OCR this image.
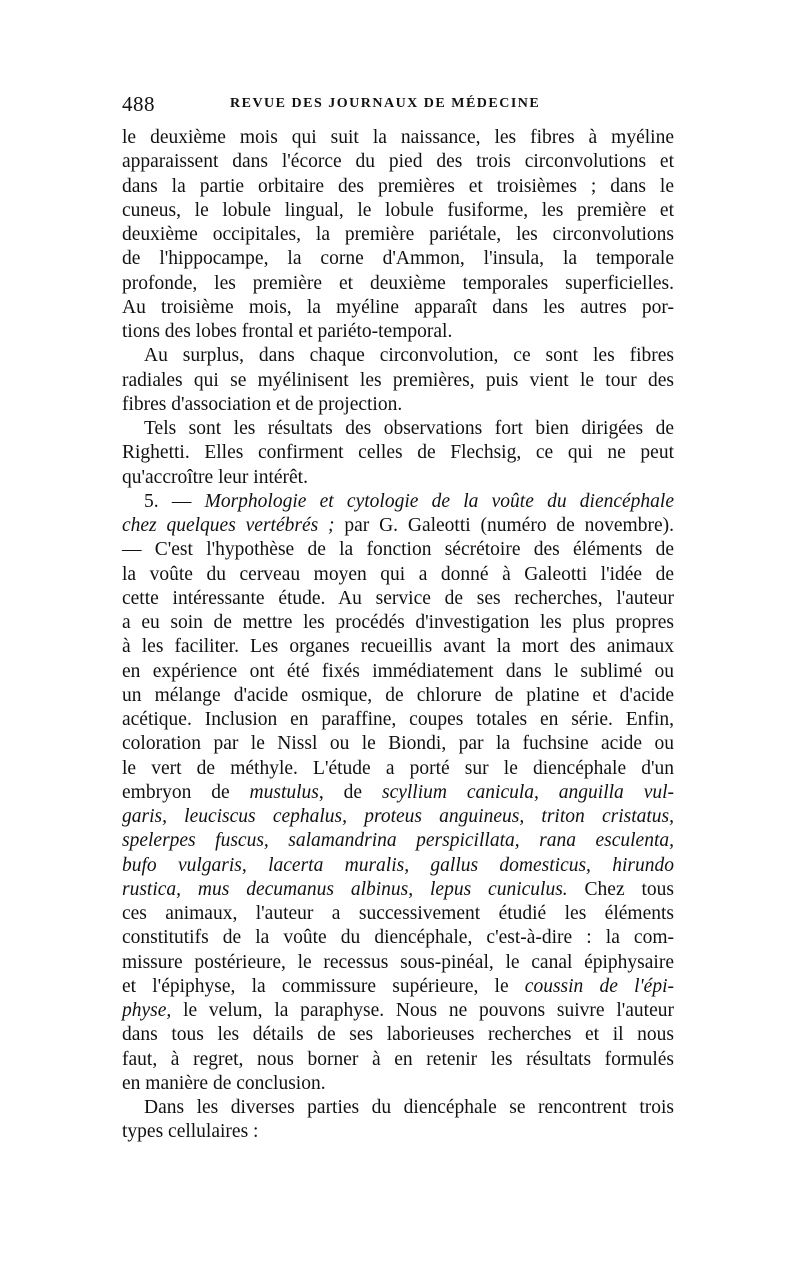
488	REVUE DES JOURNAUX DE MÉDECINE
le deuxième mois qui suit la naissance, les fibres à myéline
apparaissent dans l'écorce du pied des trois circonvolutions et
dans la partie orbitaire des premières et troisièmes ; dans le
cuneus, le lobule lingual, le lobule fusiforme, les première et
deuxième occipitales, la première pariétale, les circonvolutions
de l'hippocampe, la corne d'Ammon, l'insula, la temporale
profonde, les première et deuxième temporales superficielles.
Au troisième mois, la myéline apparaît dans les autres por-
tions des lobes frontal et pariéto-temporal.
Au surplus, dans chaque circonvolution, ce sont les fibres
radiales qui se myélinisent les premières, puis vient le tour des
fibres d'association et de projection.
Tels sont les résultats des observations fort bien dirigées de
Righetti. Elles confirment celles de Flechsig, ce qui ne peut
qu'accroître leur intérêt.
5. — Morphologie et cytologie de la voûte du diencéphale
chez quelques vertébrés ; par G. Galeotti (numéro de novembre).
— C'est l'hypothèse de la fonction sécrétoire des éléments de
la voûte du cerveau moyen qui a donné à Galeotti l'idée de
cette intéressante étude. Au service de ses recherches, l'auteur
a eu soin de mettre les procédés d'investigation les plus propres
à les faciliter. Les organes recueillis avant la mort des animaux
en expérience ont été fixés immédiatement dans le sublimé ou
un mélange d'acide osmique, de chlorure de platine et d'acide
acétique. Inclusion en paraffine, coupes totales en série. Enfin,
coloration par le Nissl ou le Biondi, par la fuchsine acide ou
le vert de méthyle. L'étude a porté sur le diencéphale d'un
embryon de mustulus, de scyllium canicula, anguilla vul-
garis, leuciscus cephalus, proteus anguineus, triton cristatus,
spelerpes fuscus, salamandrina perspicillata, rana esculenta,
bufo vulgaris, lacerta muralis, gallus domesticus, hirundo
rustica, mus decumanus albinus, lepus cuniculus. Chez tous
ces animaux, l'auteur a successivement étudié les éléments
constitutifs de la voûte du diencéphale, c'est-à-dire : la com-
missure postérieure, le recessus sous-pinéal, le canal épiphysaire
et l'épiphyse, la commissure supérieure, le coussin de l'épi-
physe, le velum, la paraphyse. Nous ne pouvons suivre l'auteur
dans tous les détails de ses laborieuses recherches et il nous
faut, à regret, nous borner à en retenir les résultats formulés
en manière de conclusion.
Dans les diverses parties du diencéphale se rencontrent trois
types cellulaires :
